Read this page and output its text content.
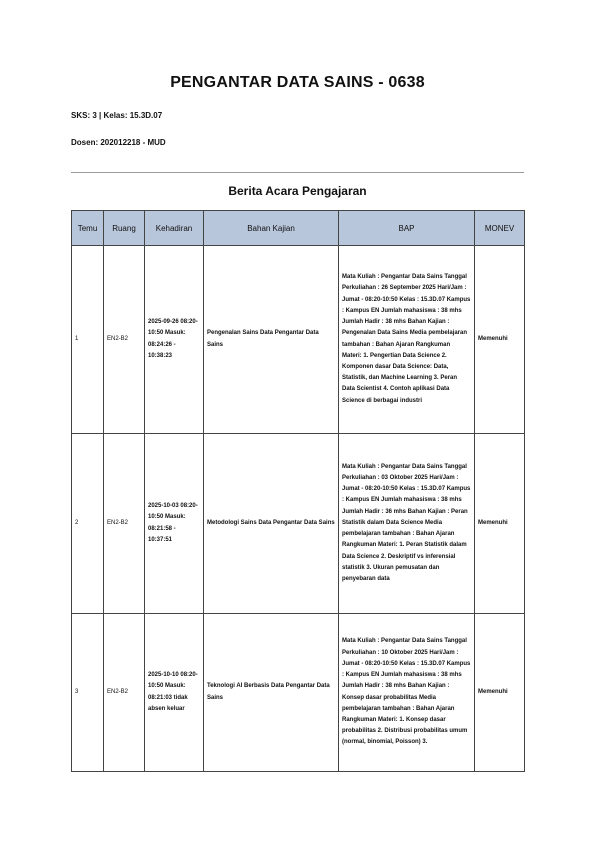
PENGANTAR DATA SAINS - 0638
SKS: 3 | Kelas: 15.3D.07
Dosen: 202012218 - MUD
Berita Acara Pengajaran
Temu	Ruang	Kehadiran	Bahan Kajian	BAP	MONEV
1	EN2-B2	2025-09-26 08:20-10:50 Masuk: 08:24:26 - 10:38:23	Pengenalan Sains Data Pengantar Data Sains	Mata Kuliah : Pengantar Data Sains Tanggal Perkuliahan : 26 September 2025 Hari/Jam : Jumat - 08:20-10:50 Kelas : 15.3D.07 Kampus : Kampus EN Jumlah mahasiswa : 38 mhs Jumlah Hadir : 38 mhs Bahan Kajian : Pengenalan Data Sains Media pembelajaran tambahan : Bahan Ajaran Rangkuman Materi: 1. Pengertian Data Science 2. Komponen dasar Data Science: Data, Statistik, dan Machine Learning 3. Peran Data Scientist 4. Contoh aplikasi Data Science di berbagai industri	Memenuhi
2	EN2-B2	2025-10-03 08:20-10:50 Masuk: 08:21:58 - 10:37:51	Metodologi Sains Data Pengantar Data Sains	Mata Kuliah : Pengantar Data Sains Tanggal Perkuliahan : 03 Oktober 2025 Hari/Jam : Jumat - 08:20-10:50 Kelas : 15.3D.07 Kampus : Kampus EN Jumlah mahasiswa : 38 mhs Jumlah Hadir : 36 mhs Bahan Kajian : Peran Statistik dalam Data Science Media pembelajaran tambahan : Bahan Ajaran Rangkuman Materi: 1. Peran Statistik dalam Data Science 2. Deskriptif vs inferensial statistik 3. Ukuran pemusatan dan penyebaran data	Memenuhi
3	EN2-B2	2025-10-10 08:20-10:50 Masuk: 08:21:03 tidak absen keluar	Teknologi AI Berbasis Data Pengantar Data Sains	Mata Kuliah : Pengantar Data Sains Tanggal Perkuliahan : 10 Oktober 2025 Hari/Jam : Jumat - 08:20-10:50 Kelas : 15.3D.07 Kampus : Kampus EN Jumlah mahasiswa : 38 mhs Jumlah Hadir : 38 mhs Bahan Kajian : Konsep dasar probabilitas Media pembelajaran tambahan : Bahan Ajaran Rangkuman Materi: 1. Konsep dasar probabilitas 2. Distribusi probabilitas umum (normal, binomial, Poisson) 3.	Memenuhi
